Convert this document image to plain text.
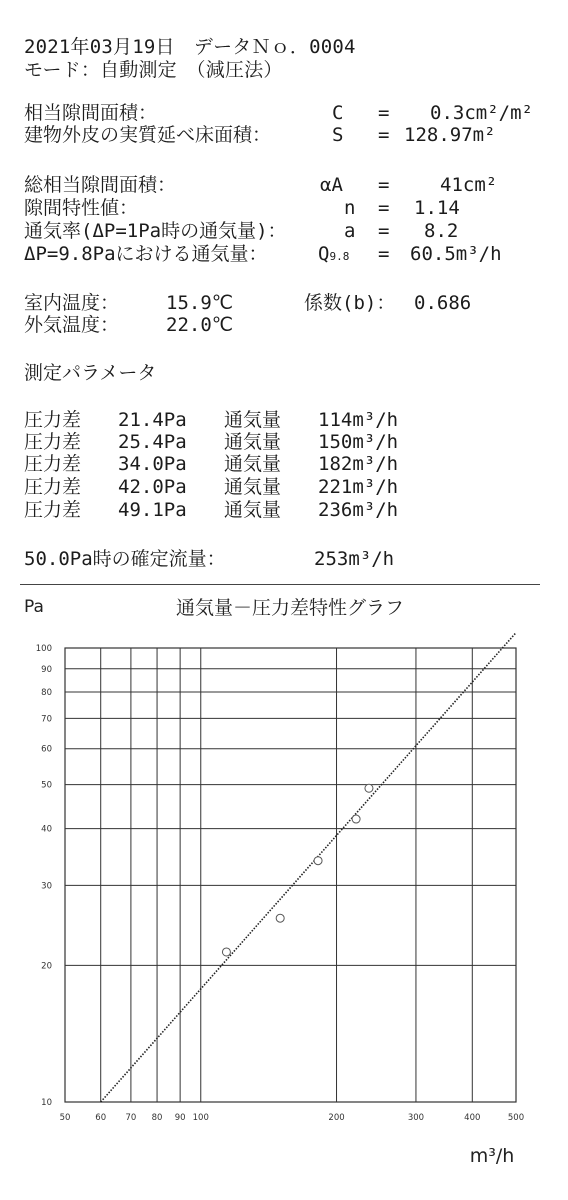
2021年03月19日　データＮｏ．0004
モード：自動測定　（減圧法）
相当隙間面積：	C = 0.3cm²/m²
建物外皮の実質延べ床面積：	S = 128.97m²
総相当隙間面積：	αA =	41cm²
隙間特性値：	n = 1.14
通気率(ΔP=1Pa時の通気量)：	a = 8.2
ΔP=9.8Paにおける通気量：	Q9.8 = 60.5m³/h
室内温度： 15.9℃	係数(b)： 0.686
外気温度： 22.0℃
測定パラメータ
圧力差 21.4Pa 通気量 114m³/h
圧力差 25.4Pa 通気量 150m³/h
圧力差 34.0Pa 通気量 182m³/h
圧力差 42.0Pa 通気量 221m³/h
圧力差 49.1Pa 通気量 236m³/h
50.0Pa時の確定流量：	253m³/h
Pa	通気量－圧力差特性グラフ
10
20
30
40
50
60
70
80
90
100
50	60 70 80 90 100	200	300	400	500
m³/h
